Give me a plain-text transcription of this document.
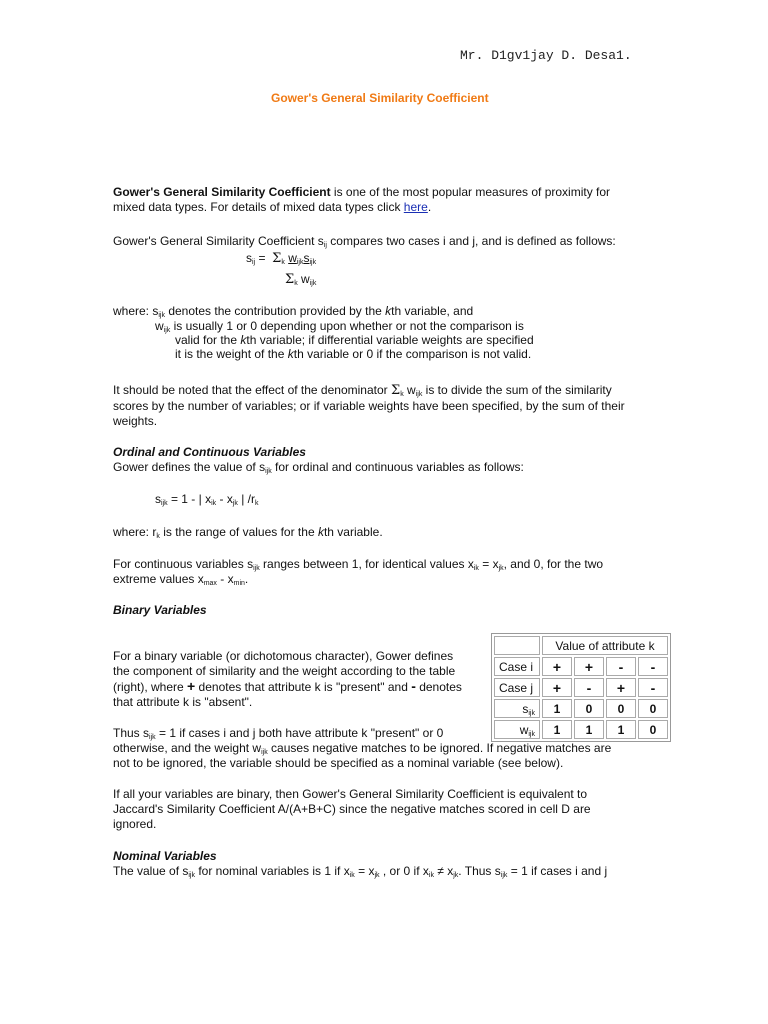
Mr. D1gv1jay D. Desa1.
Gower's General Similarity Coefficient
Gower's General Similarity Coefficient is one of the most popular measures of proximity for
mixed data types. For details of mixed data types click here.
Gower's General Similarity Coefficient $s_{ij}$ compares two cases i and j, and is defined as follows:
$s_{ij} = \Sigma_k$ $w_{ijk}s_{ijk}$
$\Sigma_k$ $w_{ijk}$
where: $s_{ijk}$ denotes the contribution provided by the kth variable, and
$w_{ijk}$ is usually 1 or 0 depending upon whether or not the comparison is
valid for the kth variable; if differential variable weights are specified
it is the weight of the kth variable or 0 if the comparison is not valid.
It should be noted that the effect of the denominator $\Sigma_k$ $w_{ijk}$ is to divide the sum of the similarity
scores by the number of variables; or if variable weights have been specified, by the sum of their
weights.
Ordinal and Continuous Variables
Gower defines the value of $s_{ijk}$ for ordinal and continuous variables as follows:
$s_{ijk} = 1$ - | $x_{ik} - x_{jk}$ | $/r_k$
where: $r_k$ is the range of values for the kth variable.
For continuous variables $s_{ijk}$ ranges between 1, for identical values $x_{ik} = x_{jk}$, and 0, for the two
extreme values $x_{max} - x_{min}$.
Binary Variables
For a binary variable (or dichotomous character), Gower defines
the component of similarity and the weight according to the table
(right), where + denotes that attribute k is "present" and - denotes
that attribute k is "absent".
	Value of attribute k			
Case i	+	+	-	-
Case j	+	-	+	-
$s_{ijk}$	1	0	0	0
$w_{ijk}$	1	1	1	0
Thus $s_{ijk} = 1$ if cases i and j both have attribute k "present" or 0
otherwise, and the weight $w_{ijk}$ causes negative matches to be ignored. If negative matches are
not to be ignored, the variable should be specified as a nominal variable (see below).
If all your variables are binary, then Gower's General Similarity Coefficient is equivalent to
Jaccard's Similarity Coefficient A/(A+B+C) since the negative matches scored in cell D are
ignored.
Nominal Variables
The value of $s_{ijk}$ for nominal variables is 1 if $x_{ik} = x_{jk}$ , or 0 if $x_{ik} \ne x_{jk}$. Thus $s_{ijk} = 1$ if cases i and j
